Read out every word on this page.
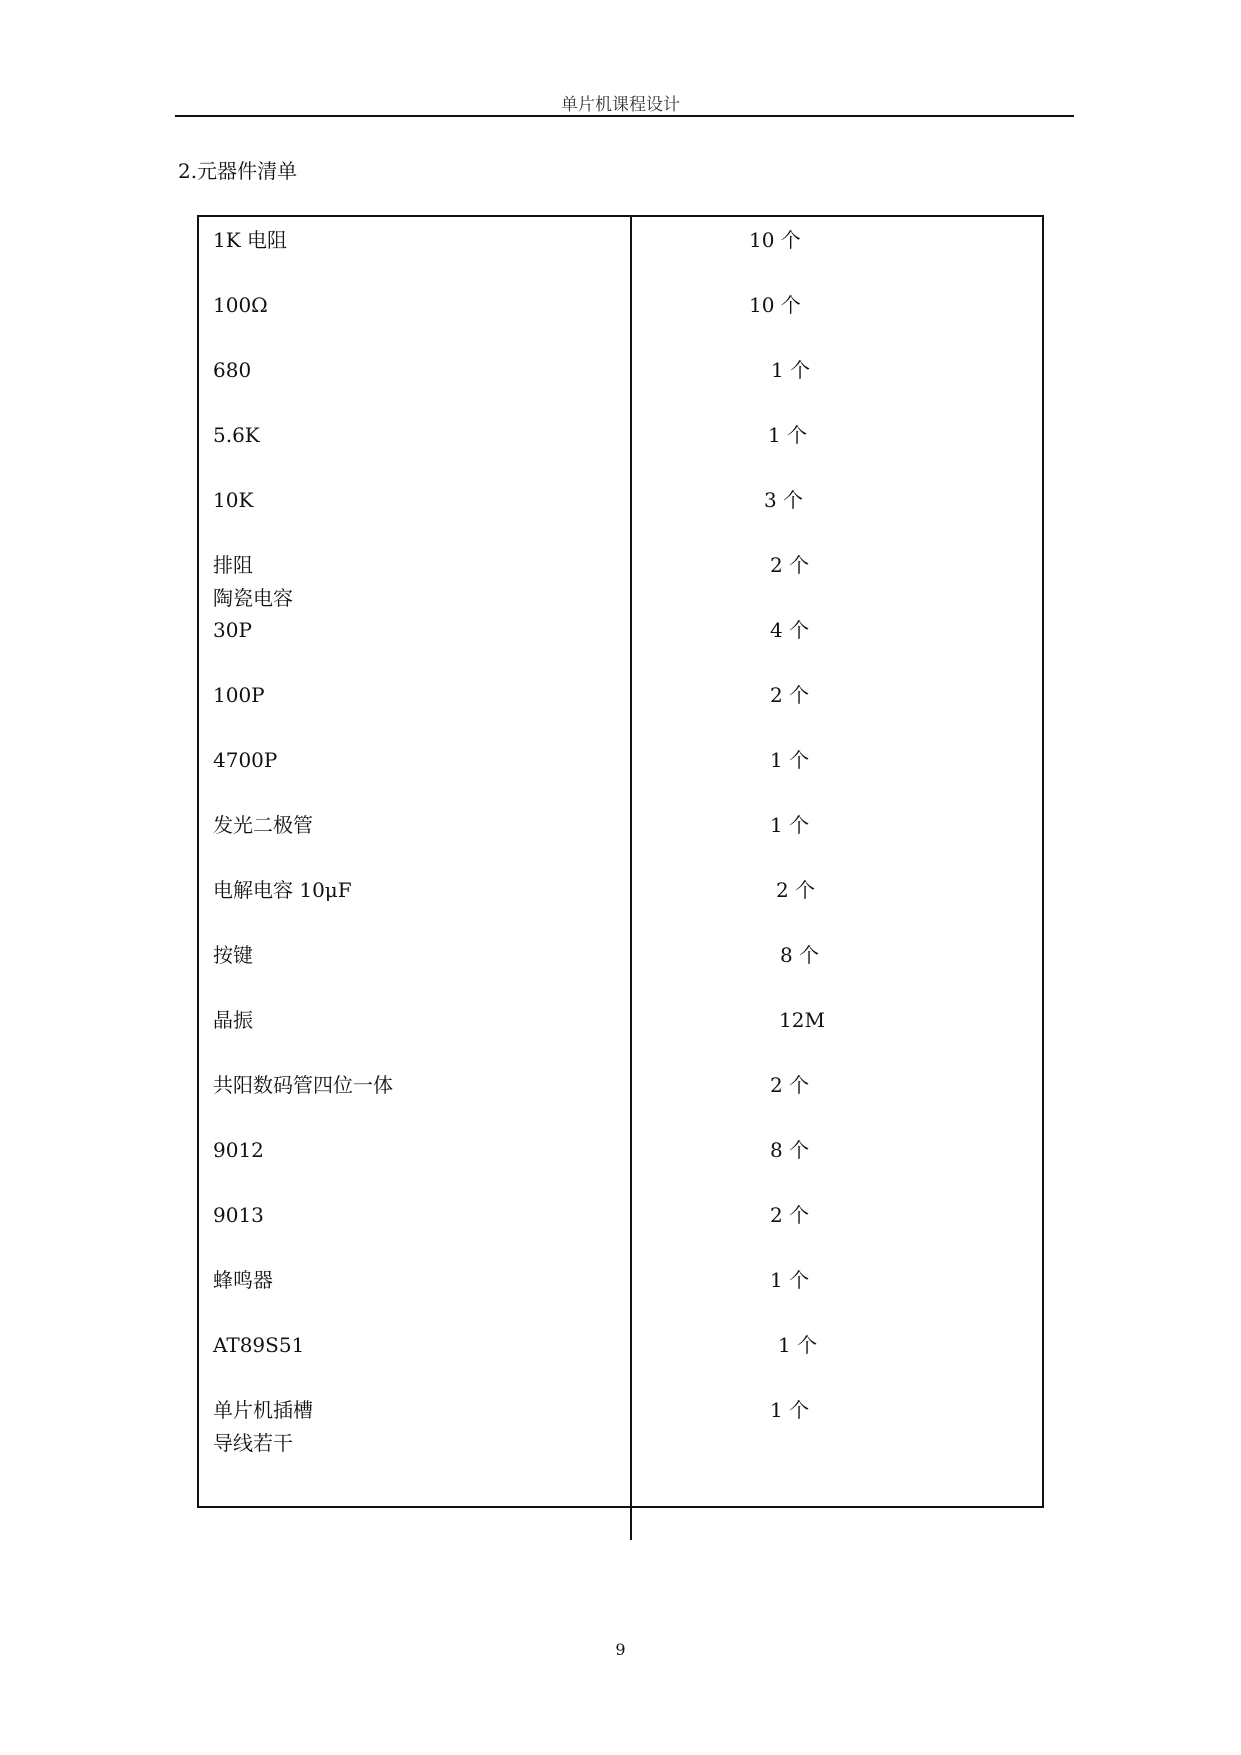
单片机课程设计
2.元器件清单
1K 电阻
100Ω
680
5.6K
10K
排阻
陶瓷电容
30P
100P
4700P
发光二极管
电解电容 10μF
按键
晶振
共阳数码管四位一体
9012
9013
蜂鸣器
AT89S51
单片机插槽
导线若干
10 个
10 个
1 个
1 个
3 个
2 个
4 个
2 个
1 个
1 个
2 个
8 个
12M
2 个
8 个
2 个
1 个
1 个
1 个
9
